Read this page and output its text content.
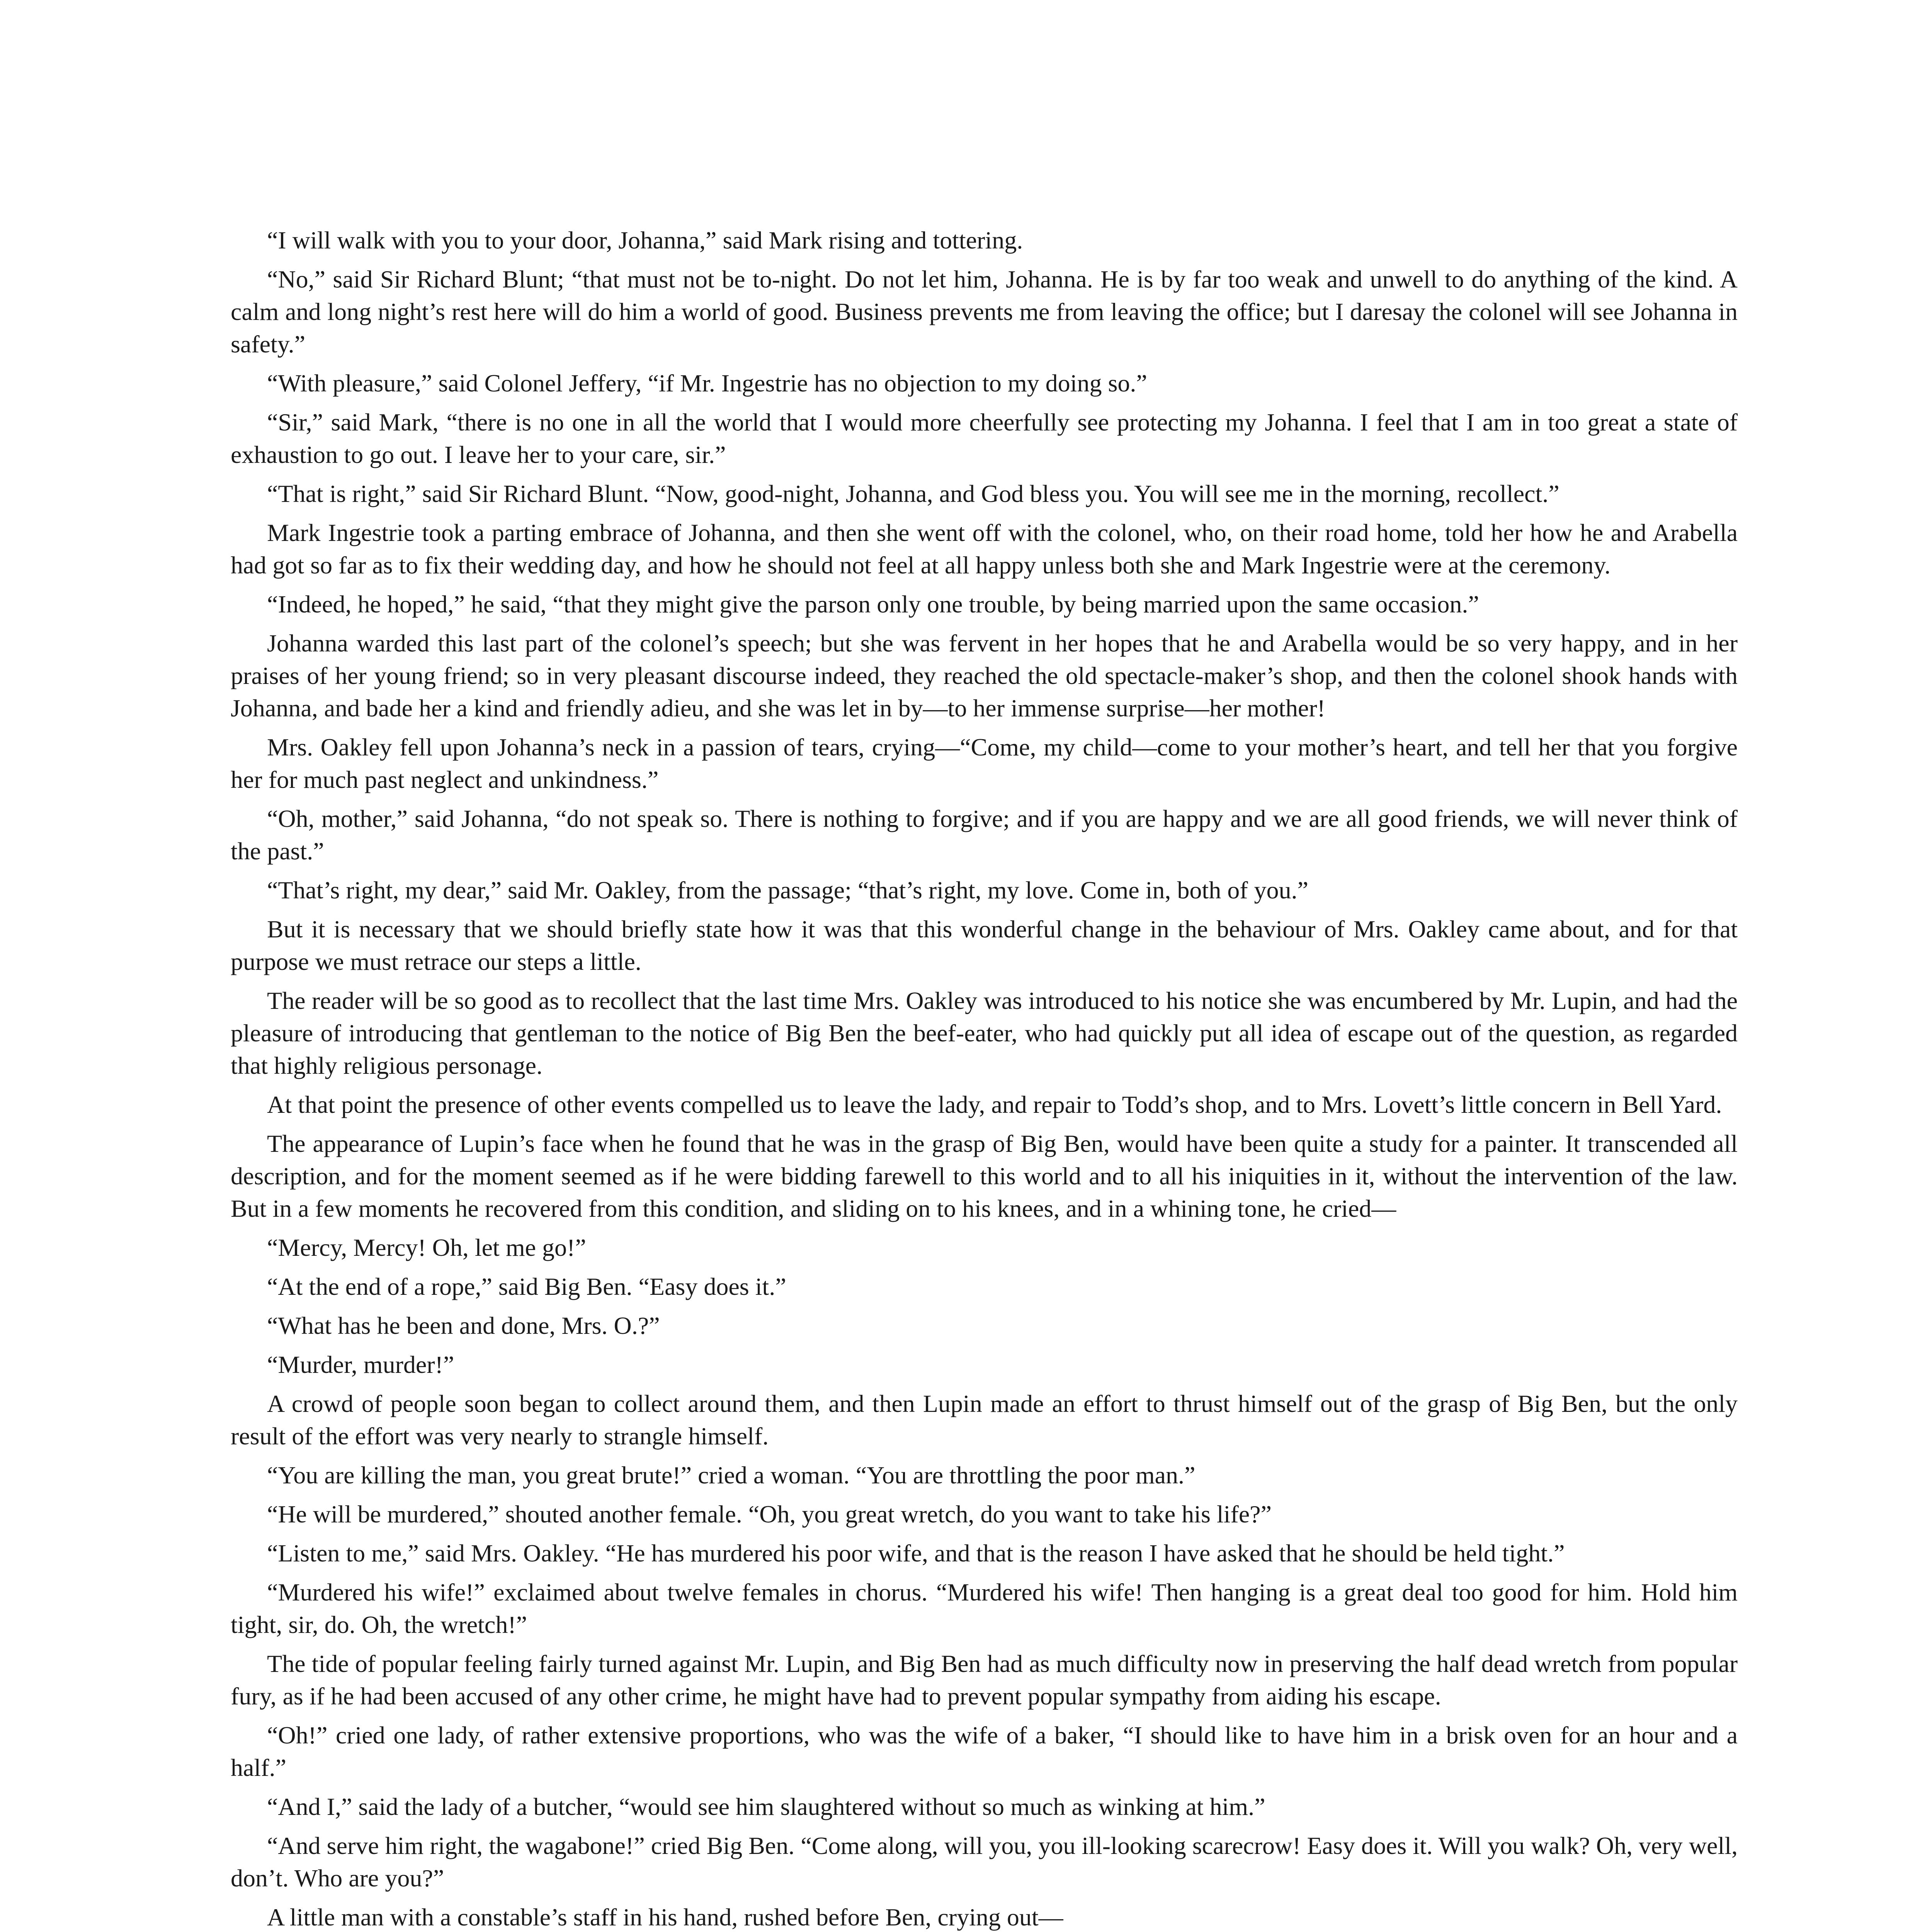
“I will walk with you to your door, Johanna,” said Mark rising and tottering.

“No,” said Sir Richard Blunt; “that must not be to-night. Do not let him, Johanna. He is by far too weak and unwell to do anything of the kind. A calm and long night’s rest here will do him a world of good. Business prevents me from leaving the office; but I daresay the colonel will see Johanna in safety.”

“With pleasure,” said Colonel Jeffery, “if Mr. Ingestrie has no objection to my doing so.”

“Sir,” said Mark, “there is no one in all the world that I would more cheerfully see protecting my Johanna. I feel that I am in too great a state of exhaustion to go out. I leave her to your care, sir.”

“That is right,” said Sir Richard Blunt. “Now, good-night, Johanna, and God bless you. You will see me in the morning, recollect.”

Mark Ingestrie took a parting embrace of Johanna, and then she went off with the colonel, who, on their road home, told her how he and Arabella had got so far as to fix their wedding day, and how he should not feel at all happy unless both she and Mark Ingestrie were at the ceremony.

“Indeed, he hoped,” he said, “that they might give the parson only one trouble, by being married upon the same occasion.”

Johanna warded this last part of the colonel’s speech; but she was fervent in her hopes that he and Arabella would be so very happy, and in her praises of her young friend; so in very pleasant discourse indeed, they reached the old spectacle-maker’s shop, and then the colonel shook hands with Johanna, and bade her a kind and friendly adieu, and she was let in by—to her immense surprise—her mother!

Mrs. Oakley fell upon Johanna’s neck in a passion of tears, crying—“Come, my child—come to your mother’s heart, and tell her that you forgive her for much past neglect and unkindness.”

“Oh, mother,” said Johanna, “do not speak so. There is nothing to forgive; and if you are happy and we are all good friends, we will never think of the past.”

“That’s right, my dear,” said Mr. Oakley, from the passage; “that’s right, my love. Come in, both of you.”

But it is necessary that we should briefly state how it was that this wonderful change in the behaviour of Mrs. Oakley came about, and for that purpose we must retrace our steps a little.

The reader will be so good as to recollect that the last time Mrs. Oakley was introduced to his notice she was encumbered by Mr. Lupin, and had the pleasure of introducing that gentleman to the notice of Big Ben the beef-eater, who had quickly put all idea of escape out of the question, as regarded that highly religious personage.

At that point the presence of other events compelled us to leave the lady, and repair to Todd’s shop, and to Mrs. Lovett’s little concern in Bell Yard.

The appearance of Lupin’s face when he found that he was in the grasp of Big Ben, would have been quite a study for a painter. It transcended all description, and for the moment seemed as if he were bidding farewell to this world and to all his iniquities in it, without the intervention of the law. But in a few moments he recovered from this condition, and sliding on to his knees, and in a whining tone, he cried—

“Mercy, Mercy! Oh, let me go!”

“At the end of a rope,” said Big Ben. “Easy does it.”

“What has he been and done, Mrs. O.?”

“Murder, murder!”

A crowd of people soon began to collect around them, and then Lupin made an effort to thrust himself out of the grasp of Big Ben, but the only result of the effort was very nearly to strangle himself.

“You are killing the man, you great brute!” cried a woman. “You are throttling the poor man.”

“He will be murdered,” shouted another female. “Oh, you great wretch, do you want to take his life?”

“Listen to me,” said Mrs. Oakley. “He has murdered his poor wife, and that is the reason I have asked that he should be held tight.”

“Murdered his wife!” exclaimed about twelve females in chorus. “Murdered his wife! Then hanging is a great deal too good for him. Hold him tight, sir, do. Oh, the wretch!”

The tide of popular feeling fairly turned against Mr. Lupin, and Big Ben had as much difficulty now in preserving the half dead wretch from popular fury, as if he had been accused of any other crime, he might have had to prevent popular sympathy from aiding his escape.

“Oh!” cried one lady, of rather extensive proportions, who was the wife of a baker, “I should like to have him in a brisk oven for an hour and a half.”

“And I,” said the lady of a butcher, “would see him slaughtered without so much as winking at him.”

“And serve him right, the wagabone!” cried Big Ben. “Come along, will you, you ill-looking scarecrow! Easy does it. Will you walk? Oh, very well, don’t. Who are you?”

A little man with a constable’s staff in his hand, rushed before Ben, crying out—
